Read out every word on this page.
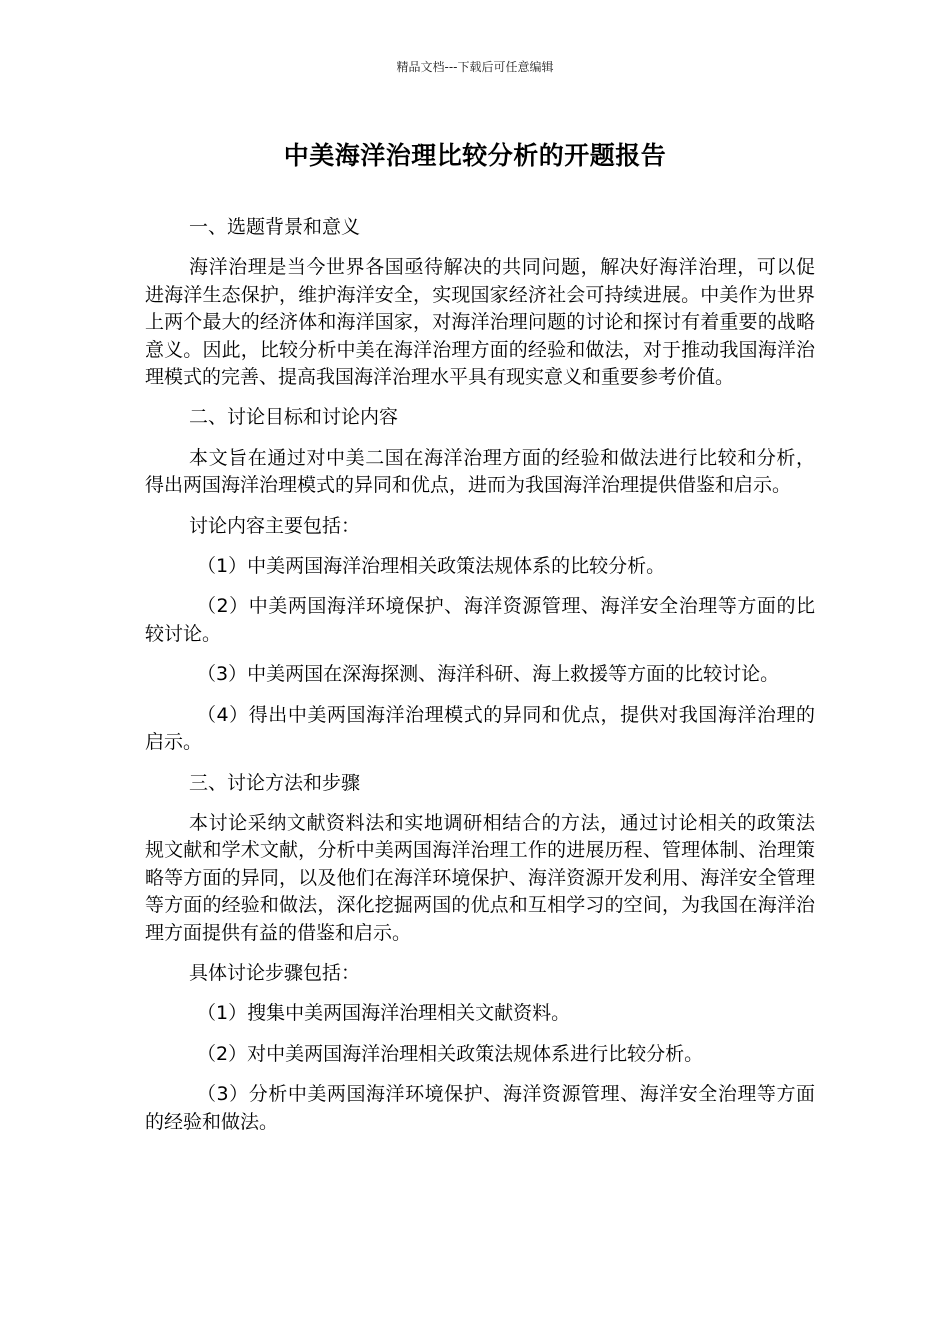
精品文档---下载后可任意编辑
中美海洋治理比较分析的开题报告

一、选题背景和意义

海洋治理是当今世界各国亟待解决的共同问题，解决好海洋治理，可以促进海洋生态保护，维护海洋安全，实现国家经济社会可持续进展。中美作为世界上两个最大的经济体和海洋国家，对海洋治理问题的讨论和探讨有着重要的战略意义。因此，比较分析中美在海洋治理方面的经验和做法，对于推动我国海洋治理模式的完善、提高我国海洋治理水平具有现实意义和重要参考价值。

二、讨论目标和讨论内容

本文旨在通过对中美二国在海洋治理方面的经验和做法进行比较和分析，得出两国海洋治理模式的异同和优点，进而为我国海洋治理提供借鉴和启示。

讨论内容主要包括：

（1）中美两国海洋治理相关政策法规体系的比较分析。

（2）中美两国海洋环境保护、海洋资源管理、海洋安全治理等方面的比较讨论。

（3）中美两国在深海探测、海洋科研、海上救援等方面的比较讨论。

（4）得出中美两国海洋治理模式的异同和优点，提供对我国海洋治理的启示。

三、讨论方法和步骤

本讨论采纳文献资料法和实地调研相结合的方法，通过讨论相关的政策法规文献和学术文献，分析中美两国海洋治理工作的进展历程、管理体制、治理策略等方面的异同，以及他们在海洋环境保护、海洋资源开发利用、海洋安全管理等方面的经验和做法，深化挖掘两国的优点和互相学习的空间，为我国在海洋治理方面提供有益的借鉴和启示。

具体讨论步骤包括：

（1）搜集中美两国海洋治理相关文献资料。

（2）对中美两国海洋治理相关政策法规体系进行比较分析。

（3）分析中美两国海洋环境保护、海洋资源管理、海洋安全治理等方面的经验和做法。
